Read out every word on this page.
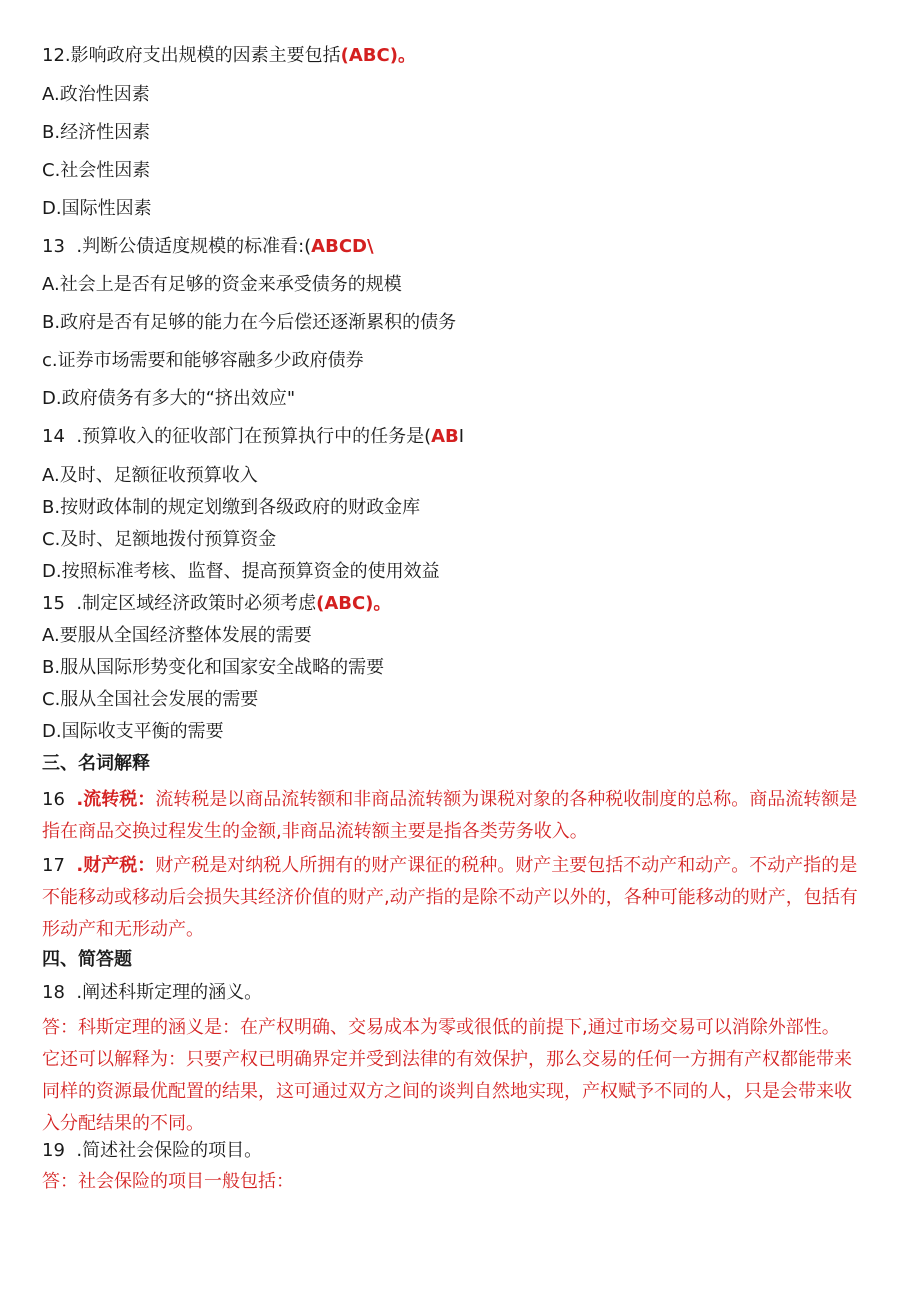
12.影响政府支出规模的因素主要包括(ABC)。
A.政治性因素
B.经济性因素
C.社会性因素
D.国际性因素
13 .判断公债适度规模的标准看:(ABCD\
A.社会上是否有足够的资金来承受债务的规模
B.政府是否有足够的能力在今后偿还逐渐累积的债务
c.证券市场需要和能够容融多少政府债券
D.政府债务有多大的“挤出效应"
14 .预算收入的征收部门在预算执行中的任务是(ABI
A.及时、足额征收预算收入
B.按财政体制的规定划缴到各级政府的财政金库
C.及时、足额地拨付预算资金
D.按照标准考核、监督、提高预算资金的使用效益
15 .制定区域经济政策时必须考虑(ABC)。
A.要服从全国经济整体发展的需要
B.服从国际形势变化和国家安全战略的需要
C.服从全国社会发展的需要
D.国际收支平衡的需要
三、名词解释
16 .流转税：流转税是以商品流转额和非商品流转额为课税对象的各种税收制度的总称。商品流转额是
指在商品交换过程发生的金额,非商品流转额主要是指各类劳务收入。
17 .财产税：财产税是对纳税人所拥有的财产课征的税种。财产主要包括不动产和动产。不动产指的是
不能移动或移动后会损失其经济价值的财产,动产指的是除不动产以外的，各种可能移动的财产，包括有
形动产和无形动产。
四、简答题
18 .阐述科斯定理的涵义。
答：科斯定理的涵义是：在产权明确、交易成本为零或很低的前提下,通过市场交易可以消除外部性。
它还可以解释为：只要产权已明确界定并受到法律的有效保护，那么交易的任何一方拥有产权都能带来
同样的资源最优配置的结果，这可通过双方之间的谈判自然地实现，产权赋予不同的人，只是会带来收
入分配结果的不同。
19 .简述社会保险的项目。
答：社会保险的项目一般包括：
